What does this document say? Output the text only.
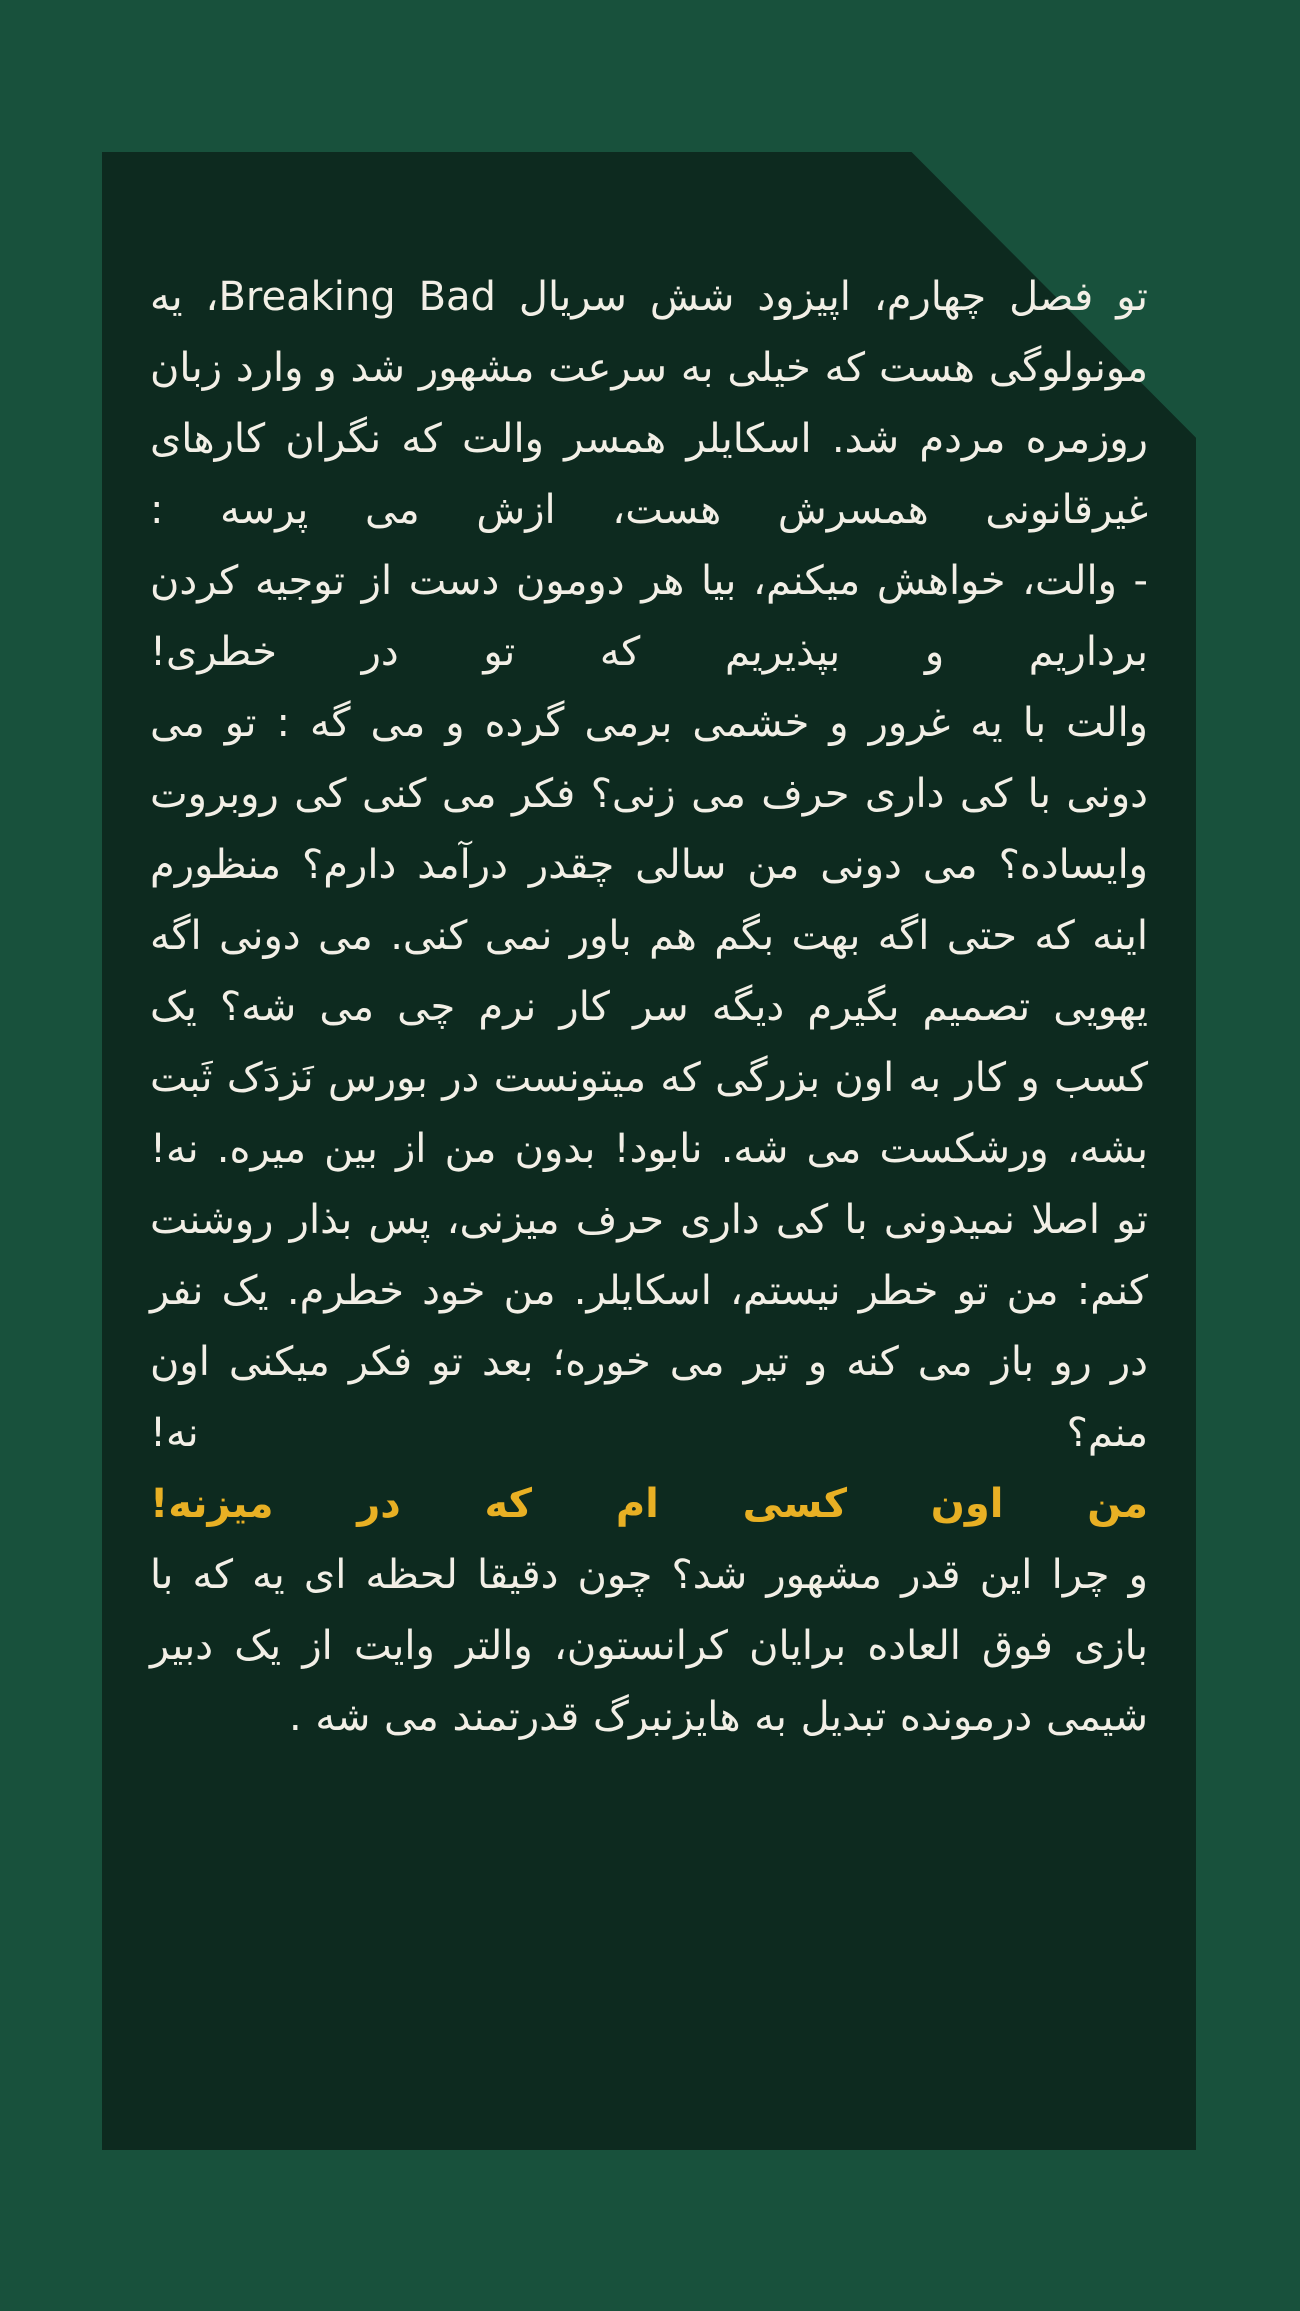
تو فصل چهارم، اپیزود شش سریال Breaking Bad، یه مونولوگی هست که خیلی به سرعت مشهور شد و وارد زبان روزمره مردم شد. اسکایلر همسر والت که نگران کارهای غیرقانونی همسرش هست، ازش می پرسه :

- والت، خواهش میکنم، بیا هر دومون دست از توجیه کردن برداریم و بپذیریم که تو در خطری!

والت با یه غرور و خشمی برمی گرده و می گه : تو می دونی با کی داری حرف می زنی؟ فکر می کنی کی روبروت وایساده؟ می دونی من سالی چقدر درآمد دارم؟ منظورم اینه که حتی اگه بهت بگم هم باور نمی کنی. می دونی اگه یهویی تصمیم بگیرم دیگه سر کار نرم چی می شه؟ یک کسب و کار به اون بزرگی که میتونست در بورس نَزدَک ثَبت بشه، ورشکست می شه. نابود! بدون من از بین میره. نه! تو اصلا نمیدونی با کی داری حرف میزنی، پس بذار روشنت کنم: من تو خطر نیستم، اسکایلر. من خود خطرم. یک نفر در رو باز می کنه و تیر می خوره؛ بعد تو فکر میکنی اون منم؟ نه!

من اون کسی ام که در میزنه!

و چرا این قدر مشهور شد؟ چون دقیقا لحظه ای یه که با بازی فوق العاده برایان کرانستون، والتر وایت از یک دبیر شیمی درمونده تبدیل به هایزنبرگ قدرتمند می شه .
